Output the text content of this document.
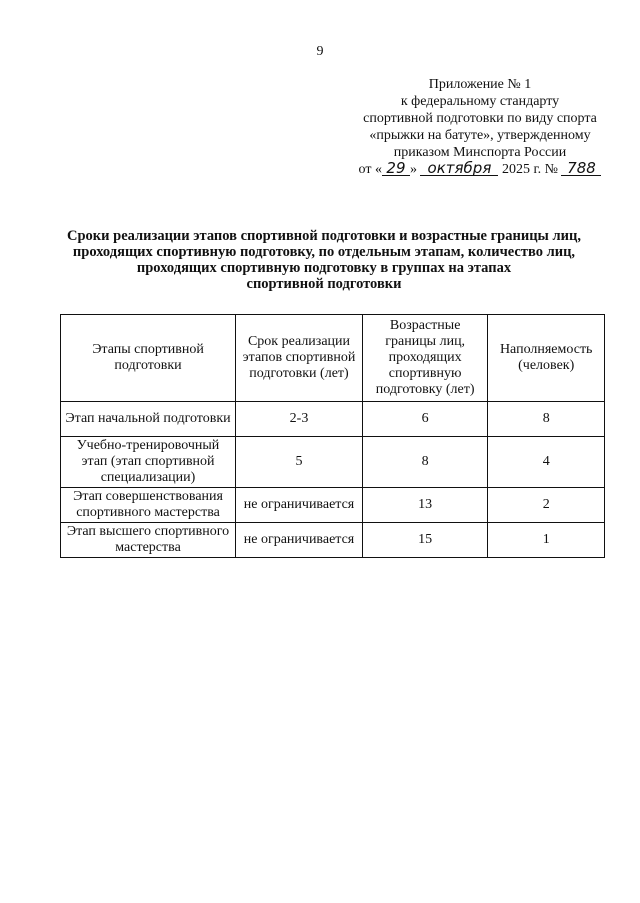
9
Приложение № 1
к федеральному стандарту
спортивной подготовки по виду спорта
«прыжки на батуте», утвержденному
приказом Минспорта России
от « 29 » октября 2025 г. № 788
Сроки реализации этапов спортивной подготовки и возрастные границы лиц,
проходящих спортивную подготовку, по отдельным этапам, количество лиц,
проходящих спортивную подготовку в группах на этапах
спортивной подготовки
Этапы спортивной подготовки	Срок реализации этапов спортивной подготовки (лет)	Возрастные границы лиц, проходящих спортивную подготовку (лет)	Наполняемость (человек)
Этап начальной подготовки	2-3	6	8
Учебно-тренировочный этап (этап спортивной специализации)	5	8	4
Этап совершенствования спортивного мастерства	не ограничивается	13	2
Этап высшего спортивного мастерства	не ограничивается	15	1
